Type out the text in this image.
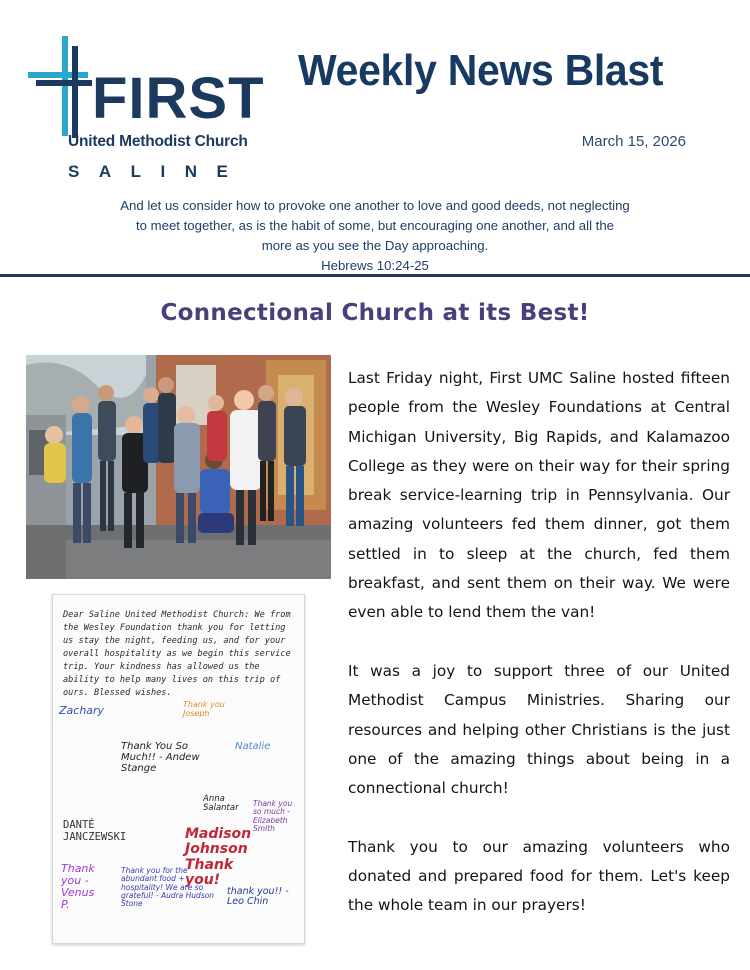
FIRST
United Methodist Church
SALINE
Weekly News Blast
March 15, 2026
And let us consider how to provoke one another to love and good deeds, not neglecting to meet together, as is the habit of some, but encouraging one another, and all the more as you see the Day approaching.
Hebrews 10:24-25
Connectional Church at its Best!
Dear Saline United Methodist Church: We from the Wesley Foundation thank you for letting us stay the night, feeding us, and for your overall hospitality as we begin this service trip. Your kindness has allowed us the ability to help many lives on this trip of ours. Blessed wishes.
Zachary	Thank you Joseph
Natalie
Thank You So Much!! - Andew Stange
Anna Salantar	Thank you so much - Elizabeth Smith
DANTÉ JANCZEWSKI	Madison Johnson Thank you!
Thank you - Venus P.
Thank you for the abundant food + hospitality! We are so grateful! - Audra Hudson Stone
thank you!! - Leo Chin

Last Friday night, First UMC Saline hosted fifteen people from the Wesley Foundations at Central Michigan University, Big Rapids, and Kalamazoo College as they were on their way for their spring break service-learning trip in Pennsylvania. Our amazing volunteers fed them dinner, got them settled in to sleep at the church, fed them breakfast, and sent them on their way. We were even able to lend them the van!

It was a joy to support three of our United Methodist Campus Ministries. Sharing our resources and helping other Christians is the just one of the amazing things about being in a connectional church!

Thank you to our amazing volunteers who donated and prepared food for them. Let's keep the whole team in our prayers!
